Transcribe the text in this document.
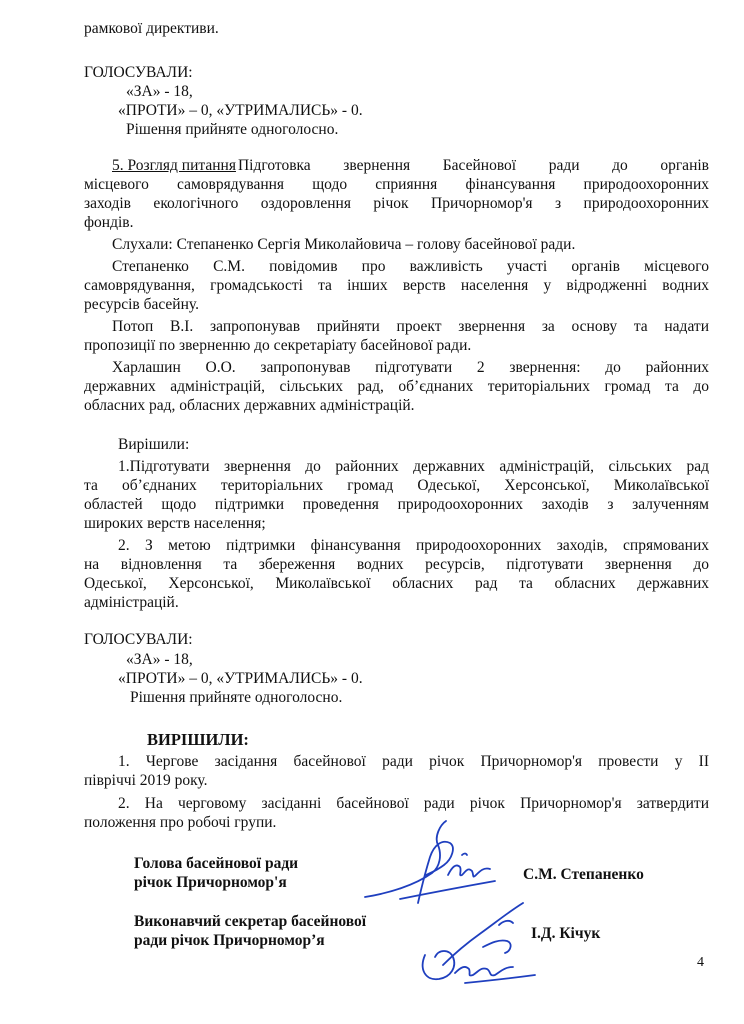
рамкової директиви.
ГОЛОСУВАЛИ:
«ЗА» - 18,
«ПРОТИ» – 0, «УТРИМАЛИСЬ» - 0.
Рішення прийняте одноголосно.
5. Розгляд питання Підготовка звернення Басейнової ради до органів
місцевого самоврядування щодо сприяння фінансування природоохоронних
заходів екологічного оздоровлення річок Причорномор'я з природоохоронних
фондів.
Слухали: Степаненко Сергія Миколайовича – голову басейнової ради.
Степаненко С.М. повідомив про важливість участі органів місцевого
самоврядування, громадськості та інших верств населення у відродженні водних
ресурсів басейну.
Потоп В.І. запропонував прийняти проект звернення за основу та надати
пропозиції по зверненню до секретаріату басейнової ради.
Харлашин О.О. запропонував підготувати 2 звернення: до районних
державних адміністрацій, сільських рад, об’єднаних територіальних громад та до
обласних рад, обласних державних адміністрацій.
Вирішили:
1.Підготувати звернення до районних державних адміністрацій, сільських рад
та об’єднаних територіальних громад Одеської, Херсонської, Миколаївської
областей щодо підтримки проведення природоохоронних заходів з залученням
широких верств населення;
2. З метою підтримки фінансування природоохоронних заходів, спрямованих
на відновлення та збереження водних ресурсів, підготувати звернення до
Одеської, Херсонської, Миколаївської обласних рад та обласних державних
адміністрацій.
ГОЛОСУВАЛИ:
«ЗА» - 18,
«ПРОТИ» – 0, «УТРИМАЛИСЬ» - 0.
Рішення прийняте одноголосно.
ВИРІШИЛИ:
1. Чергове засідання басейнової ради річок Причорномор'я провести у ІІ
півріччі 2019 року.
2. На черговому засіданні басейнової ради річок Причорномор'я затвердити
положення про робочі групи.
Голова басейнової ради
річок Причорномор'я	С.М. Степаненко
Виконавчий секретар басейнової
ради річок Причорномор’я	І.Д. Кічук
4
